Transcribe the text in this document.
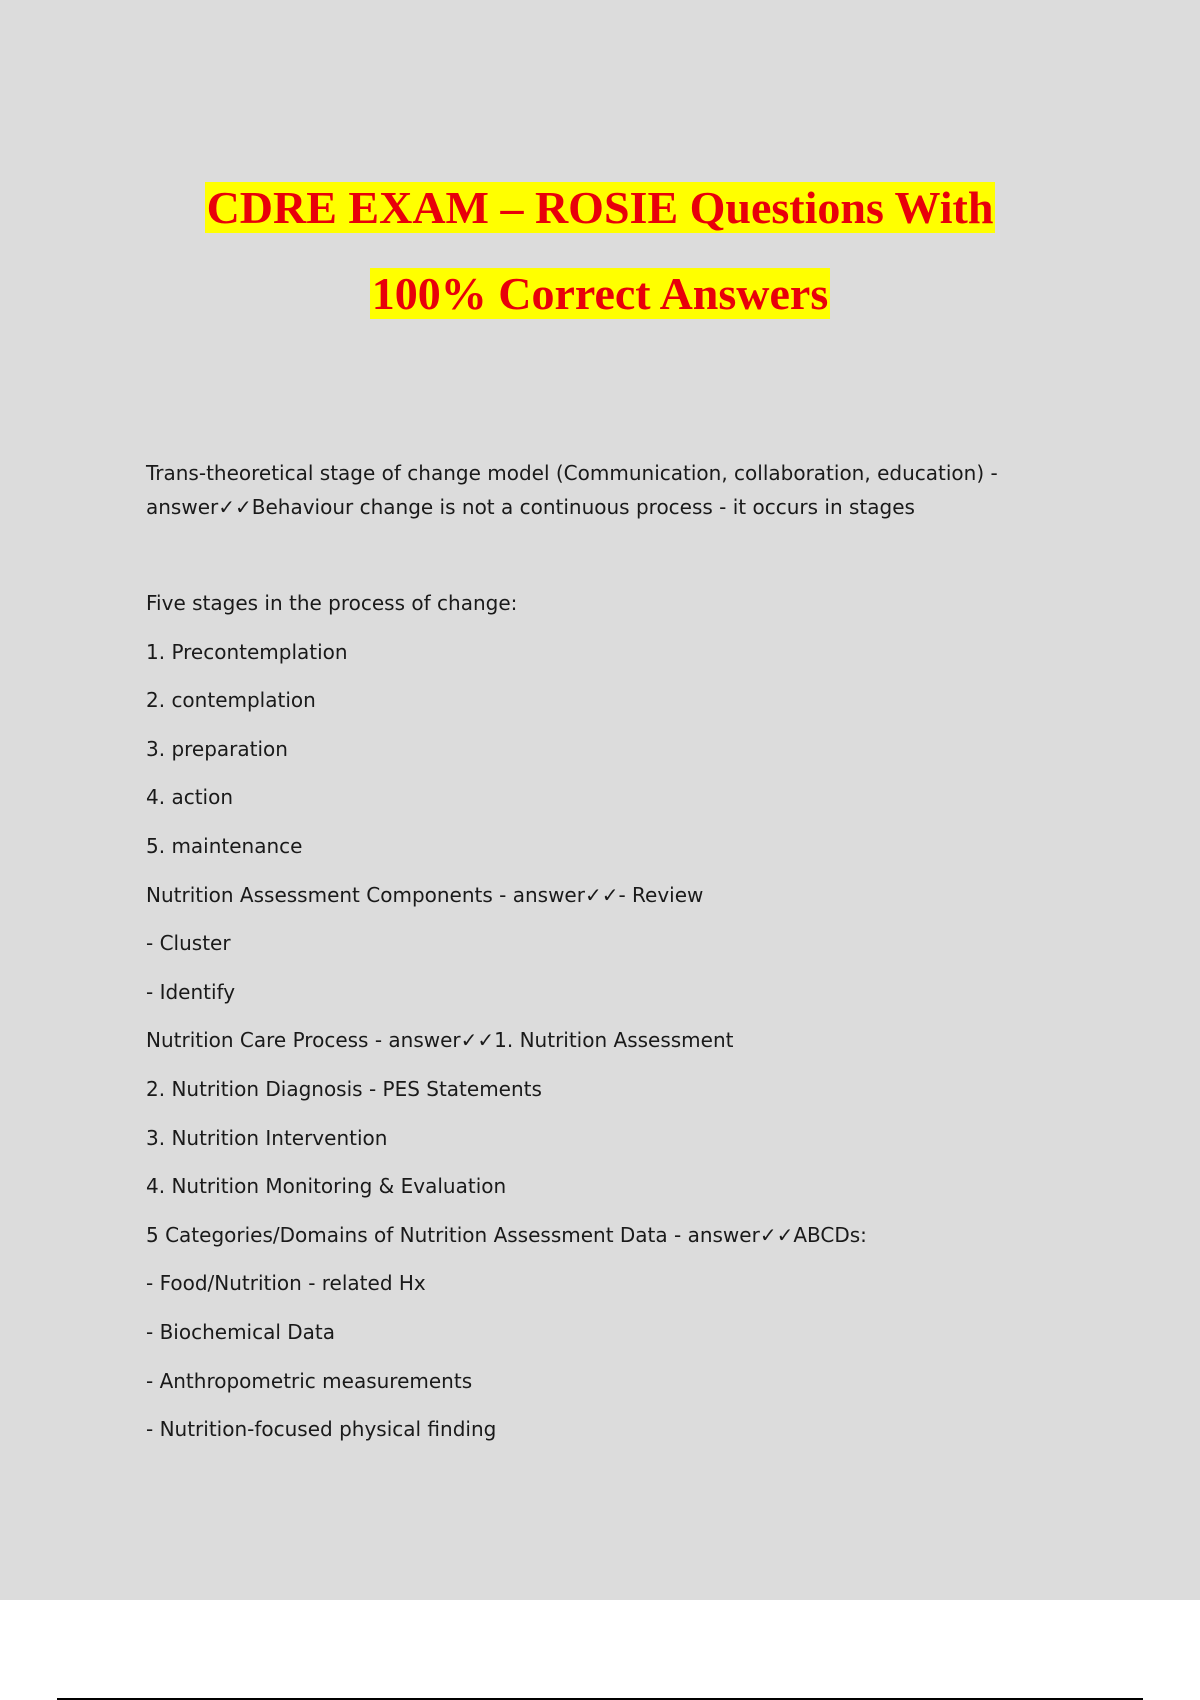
CDRE EXAM – ROSIE Questions With
100% Correct Answers

Trans-theoretical stage of change model (Communication, collaboration, education) - answer✓✓Behaviour change is not a continuous process - it occurs in stages

Five stages in the process of change:
1. Precontemplation
2. contemplation
3. preparation
4. action
5. maintenance
Nutrition Assessment Components - answer✓✓- Review
- Cluster
- Identify
Nutrition Care Process - answer✓✓1. Nutrition Assessment
2. Nutrition Diagnosis - PES Statements
3. Nutrition Intervention
4. Nutrition Monitoring & Evaluation
5 Categories/Domains of Nutrition Assessment Data - answer✓✓ABCDs:
- Food/Nutrition - related Hx
- Biochemical Data
- Anthropometric measurements
- Nutrition-focused physical finding
